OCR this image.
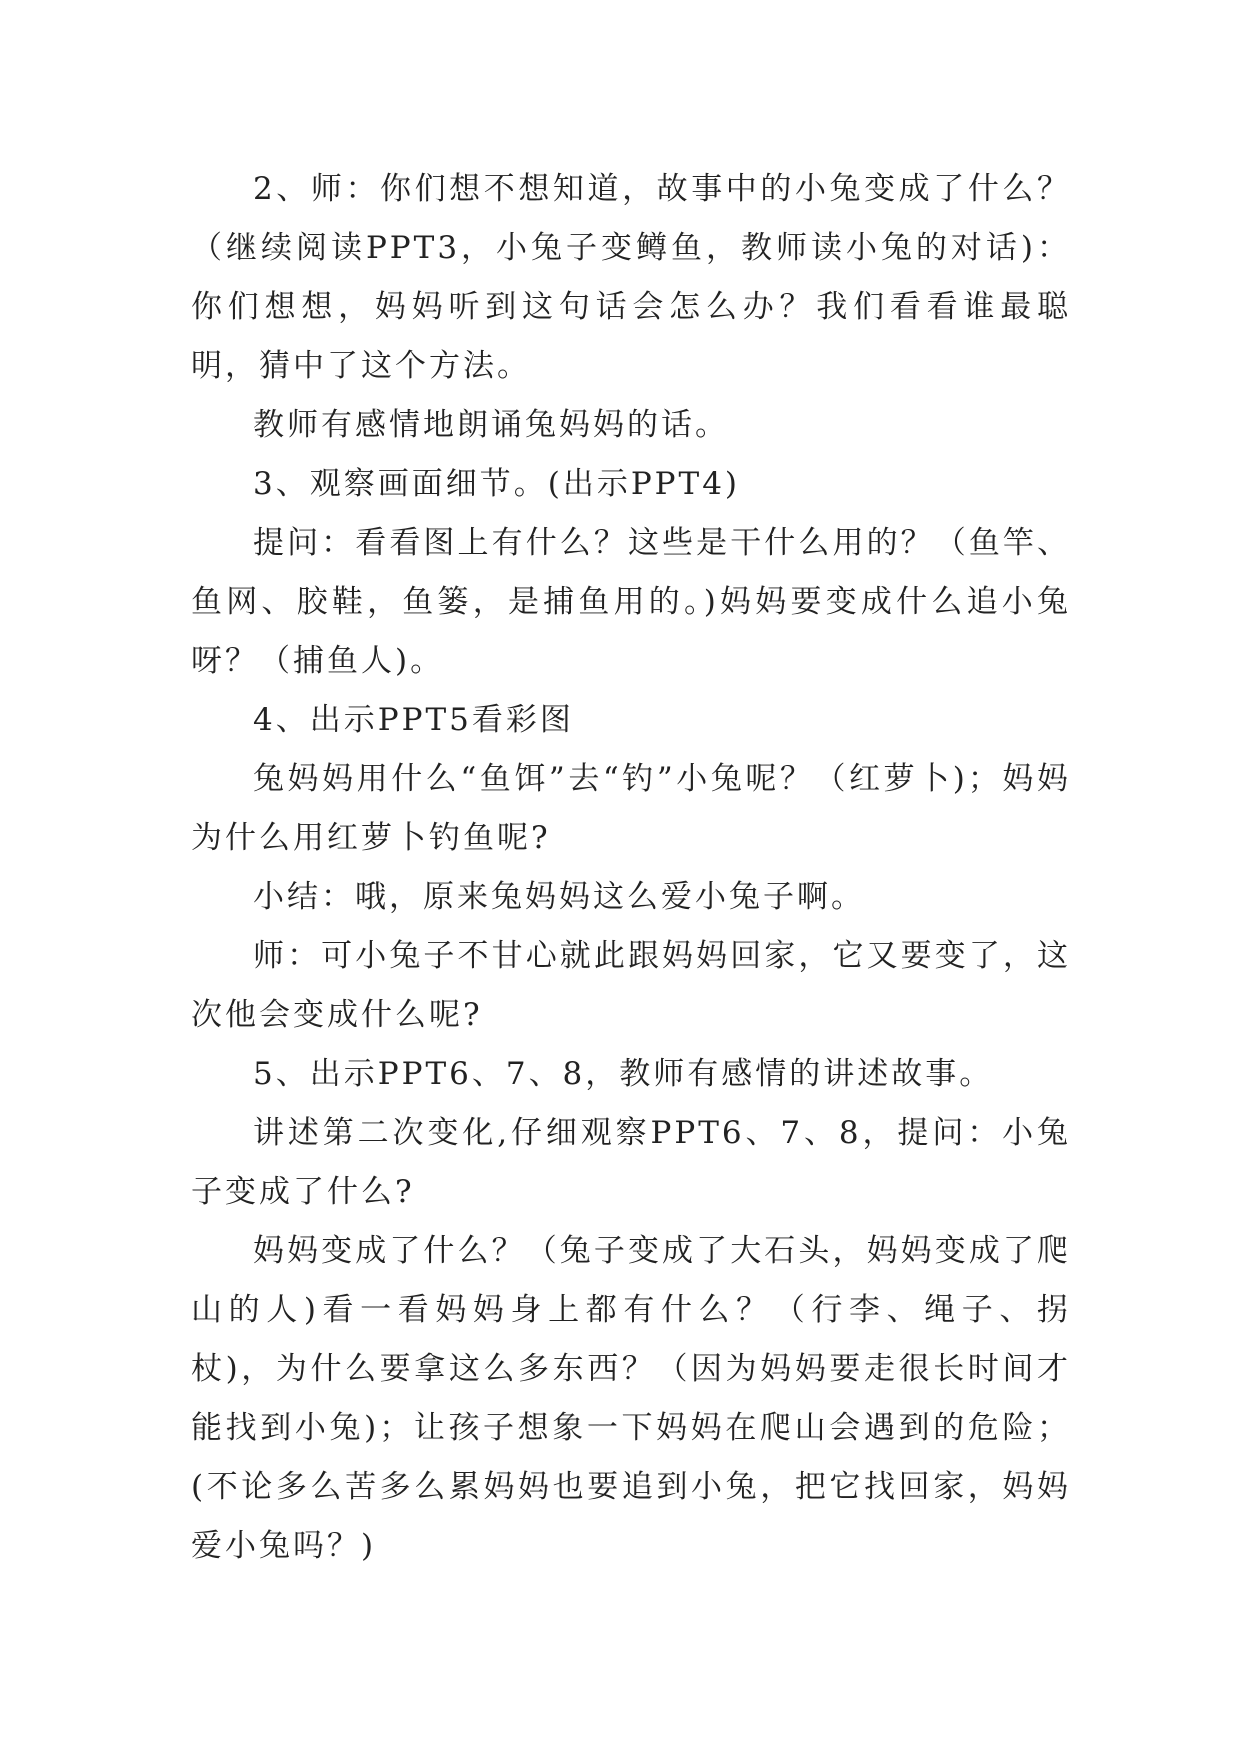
2、师：你们想不想知道，故事中的小兔变成了什么？（继续阅读PPT3，小兔子变鳟鱼，教师读小兔的对话)：你们想想，妈妈听到这句话会怎么办？我们看看谁最聪明，猜中了这个方法。

教师有感情地朗诵兔妈妈的话。

3、观察画面细节。(出示PPT4)

提问：看看图上有什么？这些是干什么用的？（鱼竿、鱼网、胶鞋，鱼篓，是捕鱼用的。)妈妈要变成什么追小兔呀？（捕鱼人)。

4、出示PPT5看彩图

兔妈妈用什么“鱼饵”去“钓”小兔呢？（红萝卜)；妈妈为什么用红萝卜钓鱼呢?

小结：哦，原来兔妈妈这么爱小兔子啊。

师：可小兔子不甘心就此跟妈妈回家，它又要变了，这次他会变成什么呢?

5、出示PPT6、7、8，教师有感情的讲述故事。

讲述第二次变化,仔细观察PPT6、7、8，提问：小兔子变成了什么?

妈妈变成了什么？（兔子变成了大石头，妈妈变成了爬山的人)看一看妈妈身上都有什么？（行李、绳子、拐杖)，为什么要拿这么多东西？（因为妈妈要走很长时间才能找到小兔)；让孩子想象一下妈妈在爬山会遇到的危险；(不论多么苦多么累妈妈也要追到小兔，把它找回家，妈妈爱小兔吗？)
